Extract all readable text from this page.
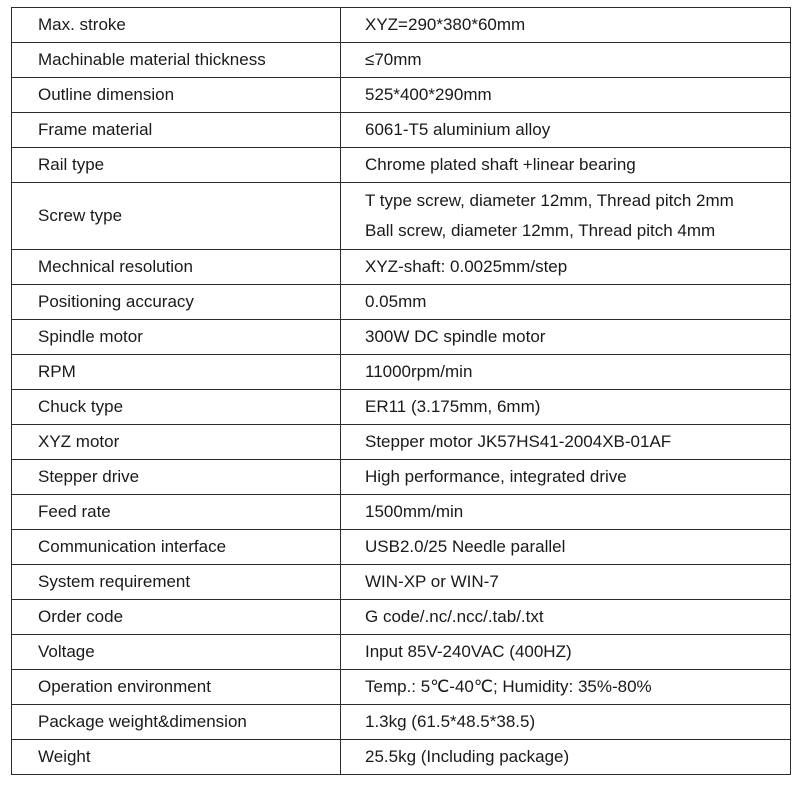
Max. stroke	XYZ=290*380*60mm

Machinable material thickness	≤70mm

Outline dimension	525*400*290mm

Frame material	6061-T5 aluminium alloy

Rail type	Chrome plated shaft +linear bearing

Screw type	T type screw, diameter 12mm, Thread pitch 2mm
Ball screw, diameter 12mm, Thread pitch 4mm

Mechnical resolution	XYZ-shaft: 0.0025mm/step

Positioning accuracy	0.05mm

Spindle motor	300W DC spindle motor

RPM	11000rpm/min

Chuck type	ER11 (3.175mm, 6mm)

XYZ motor	Stepper motor JK57HS41-2004XB-01AF

Stepper drive	High performance, integrated drive

Feed rate	1500mm/min

Communication interface	USB2.0/25 Needle parallel

System requirement	WIN-XP or WIN-7

Order code	G code/.nc/.ncc/.tab/.txt

Voltage	Input 85V-240VAC (400HZ)

Operation environment	Temp.: 5℃-40℃; Humidity: 35%-80%

Package weight&dimension	1.3kg (61.5*48.5*38.5)

Weight	25.5kg (Including package)
